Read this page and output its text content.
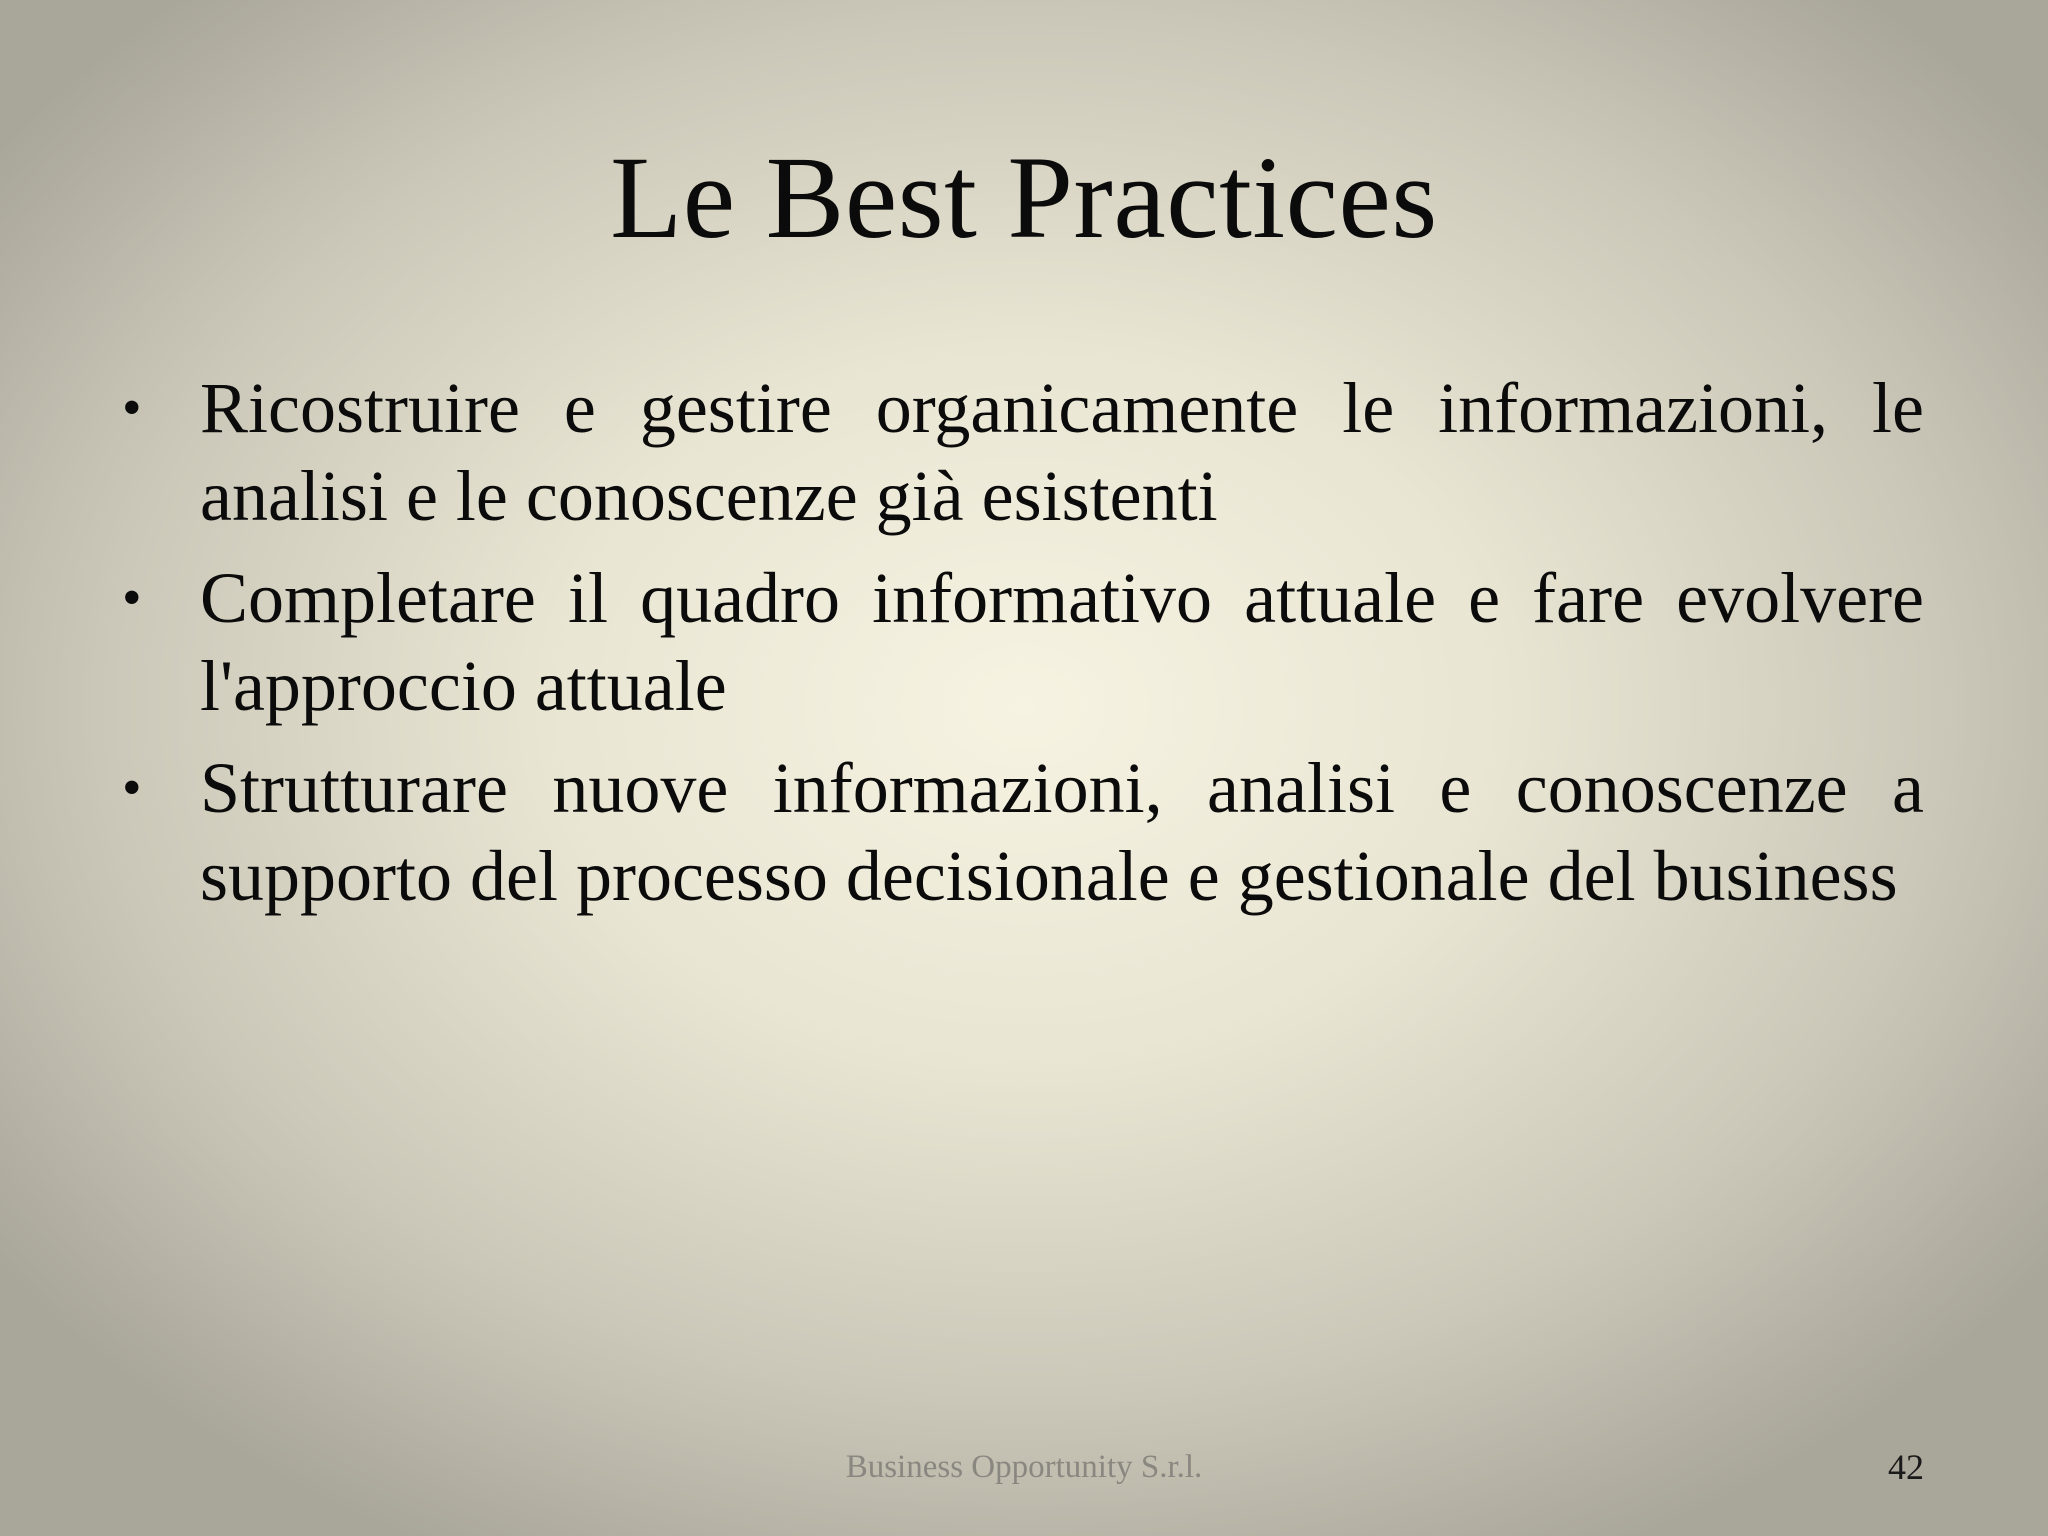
Le Best Practices
• Ricostruire e gestire organicamente le informazioni, le analisi e le conoscenze già esistenti
• Completare il quadro informativo attuale e fare evolvere l'approccio attuale
• Strutturare nuove informazioni, analisi e conoscenze a supporto del processo decisionale e gestionale del business
Business Opportunity S.r.l.	42
